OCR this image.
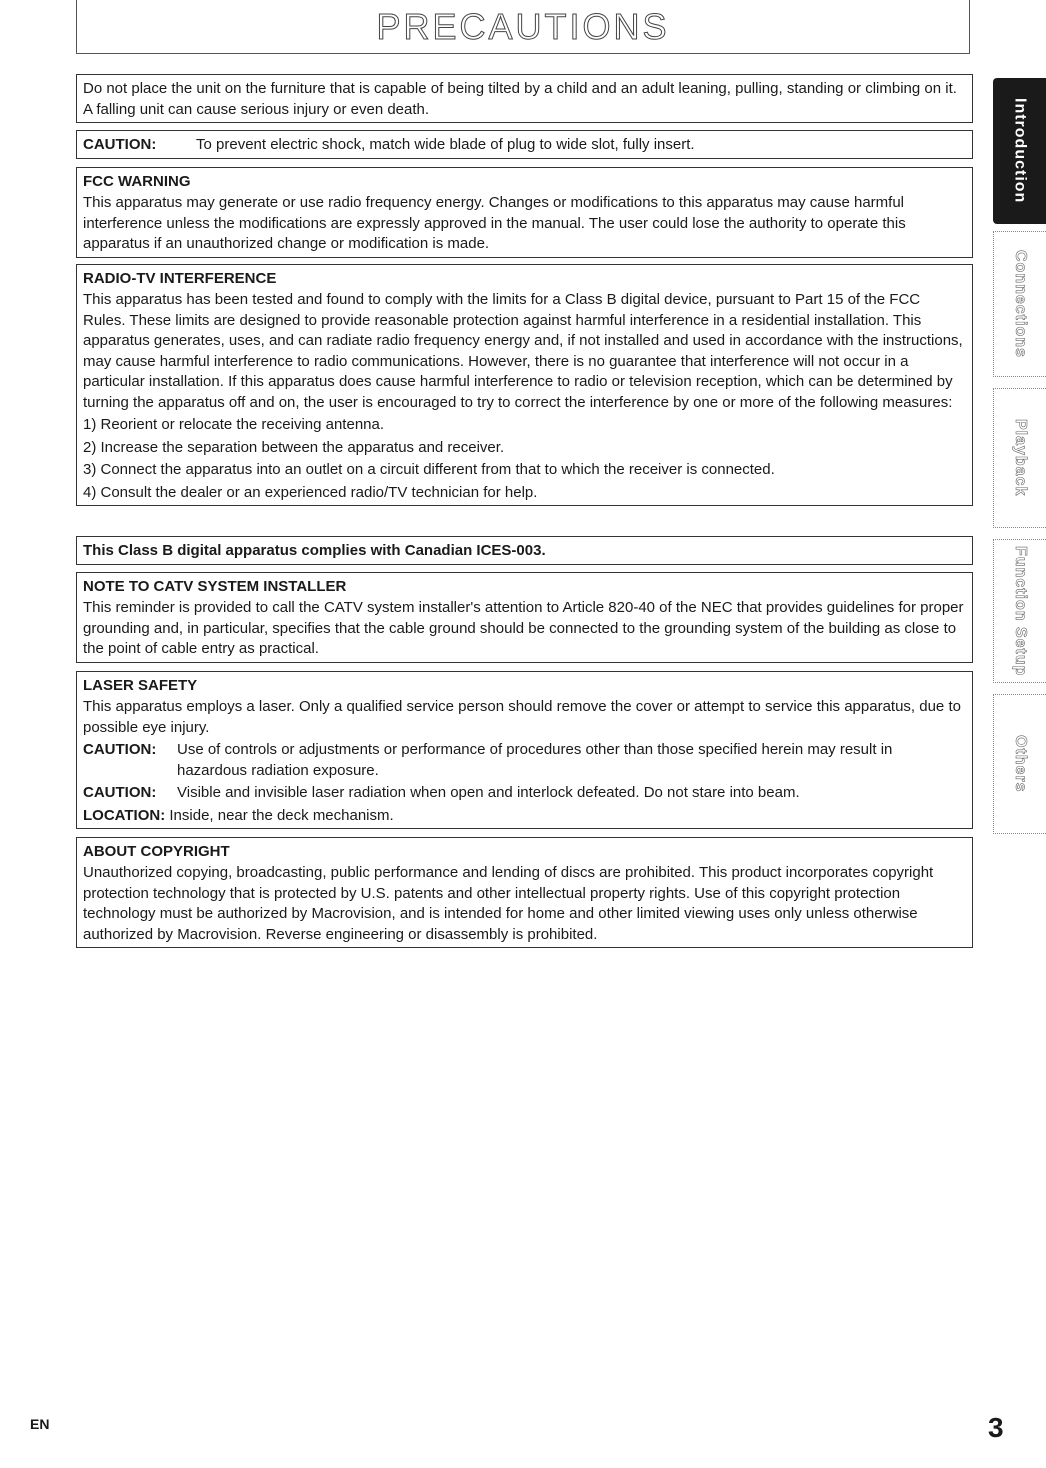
PRECAUTIONS

Do not place the unit on the furniture that is capable of being tilted by a child and an adult leaning, pulling, standing or climbing on it. A falling unit can cause serious injury or even death.

CAUTION:	To prevent electric shock, match wide blade of plug to wide slot, fully insert.
FCC WARNING

This apparatus may generate or use radio frequency energy. Changes or modifications to this apparatus may cause harmful interference unless the modifications are expressly approved in the manual. The user could lose the authority to operate this apparatus if an unauthorized change or modification is made.

RADIO-TV INTERFERENCE

This apparatus has been tested and found to comply with the limits for a Class B digital device, pursuant to Part 15 of the FCC Rules. These limits are designed to provide reasonable protection against harmful interference in a residential installation. This apparatus generates, uses, and can radiate radio frequency energy and, if not installed and used in accordance with the instructions, may cause harmful interference to radio communications. However, there is no guarantee that interference will not occur in a particular installation. If this apparatus does cause harmful interference to radio or television reception, which can be determined by turning the apparatus off and on, the user is encouraged to try to correct the interference by one or more of the following measures:

1) Reorient or relocate the receiving antenna.

2) Increase the separation between the apparatus and receiver.

3) Connect the apparatus into an outlet on a circuit different from that to which the receiver is connected.

4) Consult the dealer or an experienced radio/TV technician for help.

This Class B digital apparatus complies with Canadian ICES-003.

NOTE TO CATV SYSTEM INSTALLER

This reminder is provided to call the CATV system installer's attention to Article 820-40 of the NEC that provides guidelines for proper grounding and, in particular, specifies that the cable ground should be connected to the grounding system of the building as close to the point of cable entry as practical.

LASER SAFETY

This apparatus employs a laser. Only a qualified service person should remove the cover or attempt to service this apparatus, due to possible eye injury.

CAUTION:	Use of controls or adjustments or performance of procedures other than those specified herein may result in hazardous radiation exposure.
CAUTION:	Visible and invisible laser radiation when open and interlock defeated. Do not stare into beam.

LOCATION: Inside, near the deck mechanism.

ABOUT COPYRIGHT

Unauthorized copying, broadcasting, public performance and lending of discs are prohibited. This product incorporates copyright protection technology that is protected by U.S. patents and other intellectual property rights. Use of this copyright protection technology must be authorized by Macrovision, and is intended for home and other limited viewing uses only unless otherwise authorized by Macrovision. Reverse engineering or disassembly is prohibited.

Introduction
Connections
Playback
Function Setup
Others
EN	3
